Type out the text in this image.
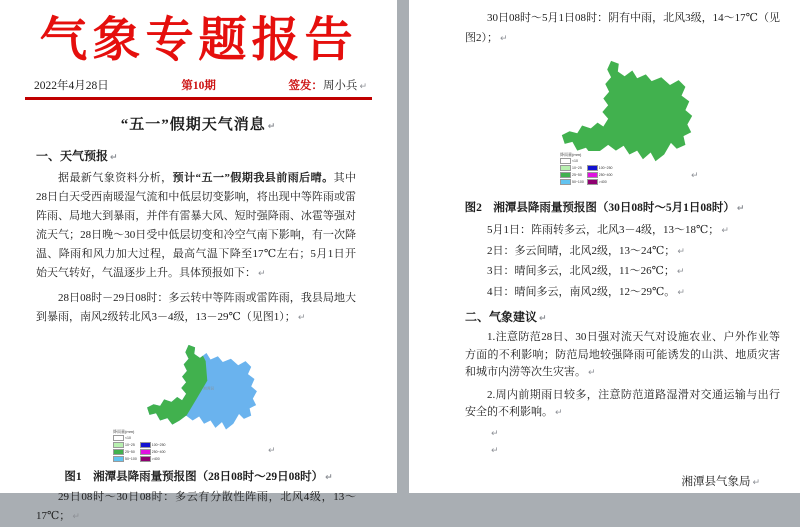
气象专题报告
2022年4月28日	第10期	签发：周小兵 ↵
“五一”假期天气消息 ↵
一、天气预报 ↵

据最新气象资料分析，预计“五一”假期我县前雨后晴。其中 28日白天受西南暖湿气流和中低层切变影响，将出现中等阵雨或雷阵雨、局地大到暴雨，并伴有雷暴大风、短时强降雨、冰雹等强对流天气；28日晚～30日受中低层切变和冷空气南下影响，有一次降温、降雨和风力加大过程，最高气温下降至17℃左右；5月1日开始天气转好，气温逐步上升。具体预报如下： ↵

28日08时－29日08时：多云转中等阵雨或雷阵雨，我县局地大到暴雨，南风2级转北风3－4级，13－29℃（见图1）； ↵

湘潭县
降雨量(mm)
<10
10~25
25~50
50~100
100~250
250~400
>400
↵
图1　湘潭县降雨量预报图（28日08时～29日08时） ↵

29日08时～30日08时：多云有分散性阵雨，北风4级，13～17℃； ↵

30日08时～5月1日08时：阴有中雨，北风3级，14～17℃（见图2）； ↵

降雨量(mm)
<10
10~25
25~50
50~100
100~250
250~400
>400
↵
图2　湘潭县降雨量预报图（30日08时～5月1日08时） ↵

5月1日：阵雨转多云，北风3－4级，13～18℃； ↵

2日：多云间晴，北风2级，13～24℃； ↵

3日：晴间多云，北风2级，11～26℃； ↵

4日：晴间多云，南风2级，12～29℃。 ↵

二、气象建议 ↵

1.注意防范28日、30日强对流天气对设施农业、户外作业等方面的不利影响；防范局地较强降雨可能诱发的山洪、地质灾害和城市内涝等次生灾害。 ↵

2.周内前期雨日较多，注意防范道路湿滑对交通运输与出行安全的不利影响。 ↵

↵
↵
湘潭县气象局 ↵
